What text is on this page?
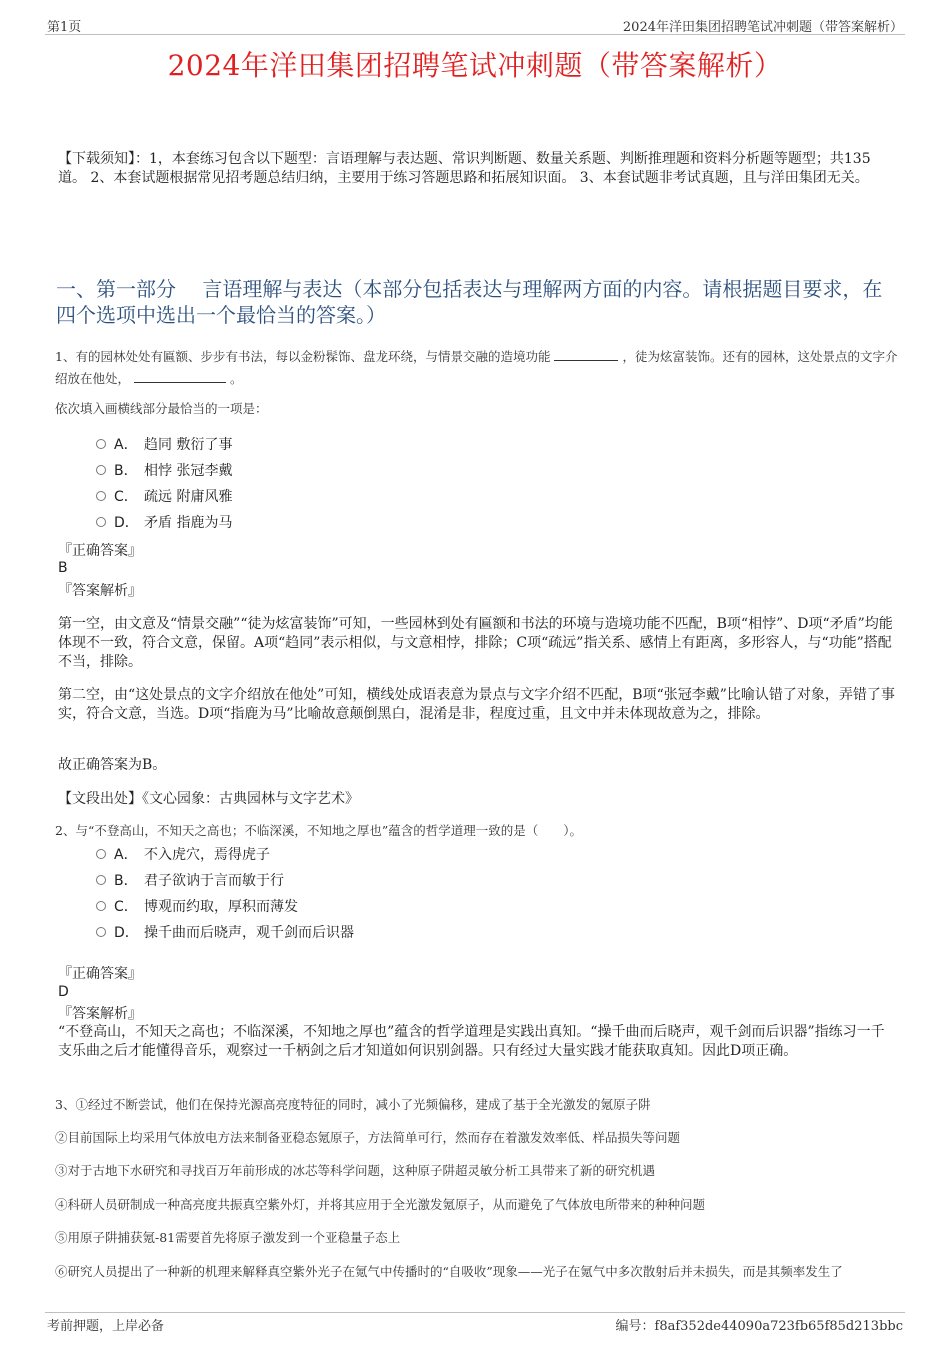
第1页	2024年洋田集团招聘笔试冲刺题（带答案解析）
2024年洋田集团招聘笔试冲刺题（带答案解析）
【下载须知】：1，本套练习包含以下题型：言语理解与表达题、常识判断题、数量关系题、判断推理题和资料分析题等题型；共135道。 2、本套试题根据常见招考题总结归纳，主要用于练习答题思路和拓展知识面。 3、本套试题非考试真题，且与洋田集团无关。
一、第一部分　 言语理解与表达（本部分包括表达与理解两方面的内容。请根据题目要求，在四个选项中选出一个最恰当的答案。）
1、有的园林处处有匾额、步步有书法，每以金粉髹饰、盘龙环绕，与情景交融的造境功能	，徒为炫富装饰。还有的园林，这处景点的文字介绍放在他处，	。
依次填入画横线部分最恰当的一项是：
A． 趋同 敷衍了事
B． 相悖 张冠李戴
C． 疏远 附庸风雅
D． 矛盾 指鹿为马
『正确答案』
B
『答案解析』
第一空，由文意及“情景交融”“徒为炫富装饰”可知，一些园林到处有匾额和书法的环境与造境功能不匹配，B项“相悖”、D项“矛盾”均能体现不一致，符合文意，保留。A项“趋同”表示相似，与文意相悖，排除；C项“疏远”指关系、感情上有距离，多形容人，与“功能”搭配不当，排除。
第二空，由“这处景点的文字介绍放在他处”可知，横线处成语表意为景点与文字介绍不匹配，B项“张冠李戴”比喻认错了对象，弄错了事实，符合文意，当选。D项“指鹿为马”比喻故意颠倒黑白，混淆是非，程度过重，且文中并未体现故意为之，排除。
故正确答案为B。
【文段出处】《文心园象：古典园林与文字艺术》
2、与“不登高山，不知天之高也；不临深溪，不知地之厚也”蕴含的哲学道理一致的是（　　）。
A． 不入虎穴，焉得虎子
B． 君子欲讷于言而敏于行
C． 博观而约取，厚积而薄发
D． 操千曲而后晓声，观千剑而后识器
『正确答案』
D
『答案解析』
“不登高山，不知天之高也；不临深溪，不知地之厚也”蕴含的哲学道理是实践出真知。“操千曲而后晓声，观千剑而后识器”指练习一千支乐曲之后才能懂得音乐，观察过一千柄剑之后才知道如何识别剑器。只有经过大量实践才能获取真知。因此D项正确。
3、①经过不断尝试，他们在保持光源高亮度特征的同时，减小了光频偏移，建成了基于全光激发的氪原子阱
②目前国际上均采用气体放电方法来制备亚稳态氪原子，方法简单可行，然而存在着激发效率低、样品损失等问题
③对于古地下水研究和寻找百万年前形成的冰芯等科学问题，这种原子阱超灵敏分析工具带来了新的研究机遇
④科研人员研制成一种高亮度共振真空紫外灯，并将其应用于全光激发氪原子，从而避免了气体放电所带来的种种问题
⑤用原子阱捕获氪-81需要首先将原子激发到一个亚稳量子态上
⑥研究人员提出了一种新的机理来解释真空紫外光子在氪气中传播时的“自吸收”现象——光子在氪气中多次散射后并未损失，而是其频率发生了
考前押题，上岸必备	编号：f8af352de44090a723fb65f85d213bbc
